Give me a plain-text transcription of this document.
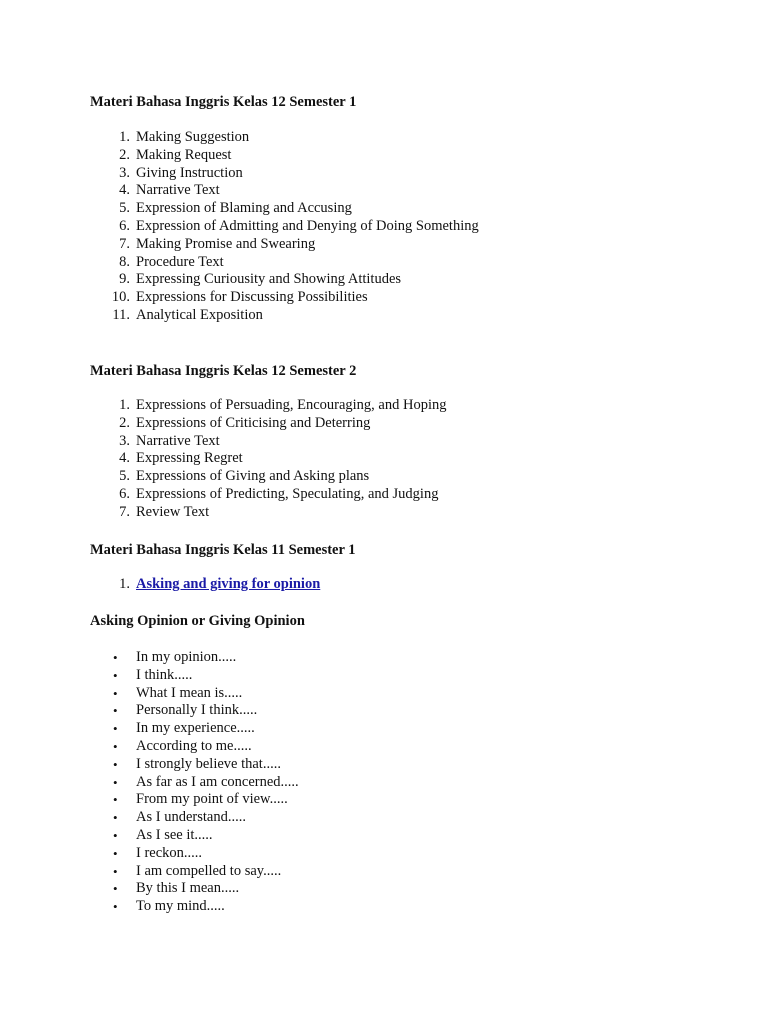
Materi Bahasa Inggris Kelas 12 Semester 1
1. Making Suggestion
2. Making Request
3. Giving Instruction
4. Narrative Text
5. Expression of Blaming and Accusing
6. Expression of Admitting and Denying of Doing Something
7. Making Promise and Swearing
8. Procedure Text
9. Expressing Curiousity and Showing Attitudes
10. Expressions for Discussing Possibilities
11. Analytical Exposition
Materi Bahasa Inggris Kelas 12 Semester 2
1. Expressions of Persuading, Encouraging, and Hoping
2. Expressions of Criticising and Deterring
3. Narrative Text
4. Expressing Regret
5. Expressions of Giving and Asking plans
6. Expressions of Predicting, Speculating, and Judging
7. Review Text
Materi Bahasa Inggris Kelas 11 Semester 1
1. Asking and giving for opinion
Asking Opinion or Giving Opinion
• In my opinion.....
• I think.....
• What I mean is.....
• Personally I think.....
• In my experience.....
• According to me.....
• I strongly believe that.....
• As far as I am concerned.....
• From my point of view.....
• As I understand.....
• As I see it.....
• I reckon.....
• I am compelled to say.....
• By this I mean.....
• To my mind.....
